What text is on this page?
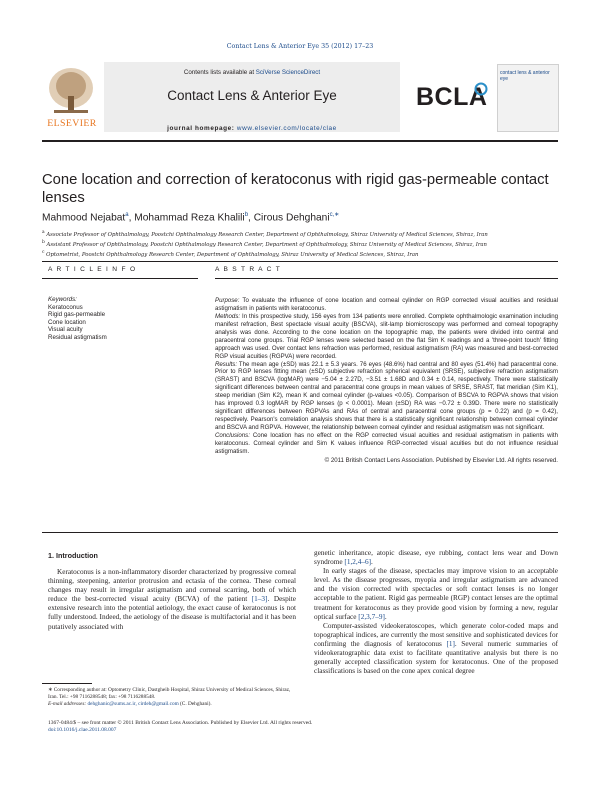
Contact Lens & Anterior Eye 35 (2012) 17–23
ELSEVIER
Contents lists available at SciVerse ScienceDirect
Contact Lens & Anterior Eye
journal homepage: www.elsevier.com/locate/clae
BCLA
contact lens & anterior eye
Cone location and correction of keratoconus with rigid gas-permeable contact lenses
Mahmood Nejabat$^a$, Mohammad Reza Khalili$^b$, Cirous Dehghani$^{c,∗}$
$^a$ Associate Professor of Ophthalmology, Poostchi Ophthalmology Research Center, Department of Ophthalmology, Shiraz University of Medical Sciences, Shiraz, Iran
$^b$ Assistant Professor of Ophthalmology, Poostchi Ophthalmology Research Center, Department of Ophthalmology, Shiraz University of Medical Sciences, Shiraz, Iran
$^c$ Optometrist, Poostchi Ophthalmology Research Center, Department of Ophthalmology, Shiraz University of Medical Sciences, Shiraz, Iran
A R T I C L E I N F O	A B S T R A C T
Keywords:
Keratoconus
Rigid gas-permeable
Cone location
Visual acuity
Residual astigmatism

Purpose: To evaluate the influence of cone location and corneal cylinder on RGP corrected visual acuities and residual astigmatism in patients with keratoconus.

Methods: In this prospective study, 156 eyes from 134 patients were enrolled. Complete ophthalmologic examination including manifest refraction, Best spectacle visual acuity (BSCVA), slit-lamp biomicroscopy was performed and corneal topography analysis was done. According to the cone location on the topographic map, the patients were divided into central and paracentral cone groups. Trial RGP lenses were selected based on the flat Sim K readings and a 'three-point touch' fitting approach was used. Over contact lens refraction was performed, residual astigmatism (RA) was measured and best-corrected RGP visual acuities (RGPVA) were recorded.

Results: The mean age (±SD) was 22.1 ± 5.3 years. 76 eyes (48.6%) had central and 80 eyes (51.4%) had paracentral cone. Prior to RGP lenses fitting mean (±SD) subjective refraction spherical equivalent (SRSE), subjective refraction astigmatism (SRAST) and BSCVA (logMAR) were −5.04 ± 2.27D, −3.51 ± 1.68D and 0.34 ± 0.14, respectively. There were statistically significant differences between central and paracentral cone groups in mean values of SRSE, SRAST, flat meridian (Sim K1), steep meridian (Sim K2), mean K and corneal cylinder (p-values <0.05). Comparison of BSCVA to RGPVA shows that vision has improved 0.3 logMAR by RGP lenses (p < 0.0001). Mean (±SD) RA was −0.72 ± 0.39D. There were no statistically significant differences between RGPVAs and RAs of central and paracentral cone groups (p = 0.22) and (p = 0.42), respectively. Pearson's correlation analysis shows that there is a statistically significant relationship between corneal cylinder and BSCVA and RGPVA. However, the relationship between corneal cylinder and residual astigmatism was not significant.

Conclusions: Cone location has no effect on the RGP corrected visual acuities and residual astigmatism in patients with keratoconus. Corneal cylinder and Sim K values influence RGP-corrected visual acuities but do not influence residual astigmatism.

© 2011 British Contact Lens Association. Published by Elsevier Ltd. All rights reserved.

1. Introduction

Keratoconus is a non-inflammatory disorder characterized by progressive corneal thinning, steepening, anterior protrusion and ectasia of the cornea. These corneal changes may result in irregular astigmatism and corneal scarring, both of which reduce the best-corrected visual acuity (BCVA) of the patient [1–3]. Despite extensive research into the potential aetiology, the exact cause of keratoconus is not fully understood. Indeed, the aetiology of the disease is multifactorial and it has been putatively associated with

genetic inheritance, atopic disease, eye rubbing, contact lens wear and Down syndrome [1,2,4–6].

In early stages of the disease, spectacles may improve vision to an acceptable level. As the disease progresses, myopia and irregular astigmatism are advanced and the vision corrected with spectacles or soft contact lenses is no longer acceptable to the patient. Rigid gas permeable (RGP) contact lenses are the optimal treatment for keratoconus as they provide good vision by forming a new, regular optical surface [2,3,7–9].

Computer-assisted videokeratoscopes, which generate color-coded maps and topographical indices, are currently the most sensitive and sophisticated devices for confirming the diagnosis of keratoconus [1]. Several numeric summaries of videokeratographic data exist to facilitate quantitative analysis but there is no generally accepted classification system for keratoconus. One of the proposed classifications is based on the cone apex conical degree

∗ Corresponding author at: Optometry Clinic, Dastgheib Hospital, Shiraz University of Medical Sciences, Shiraz, Iran. Tel.: +98 7116288548; fax: +98 7116288548.
E-mail addresses: dehghanic@sums.ac.ir, cirdeh@gmail.com (C. Dehghani).
1367-0484/$ – see front matter © 2011 British Contact Lens Association. Published by Elsevier Ltd. All rights reserved.
doi:10.1016/j.clae.2011.08.007
